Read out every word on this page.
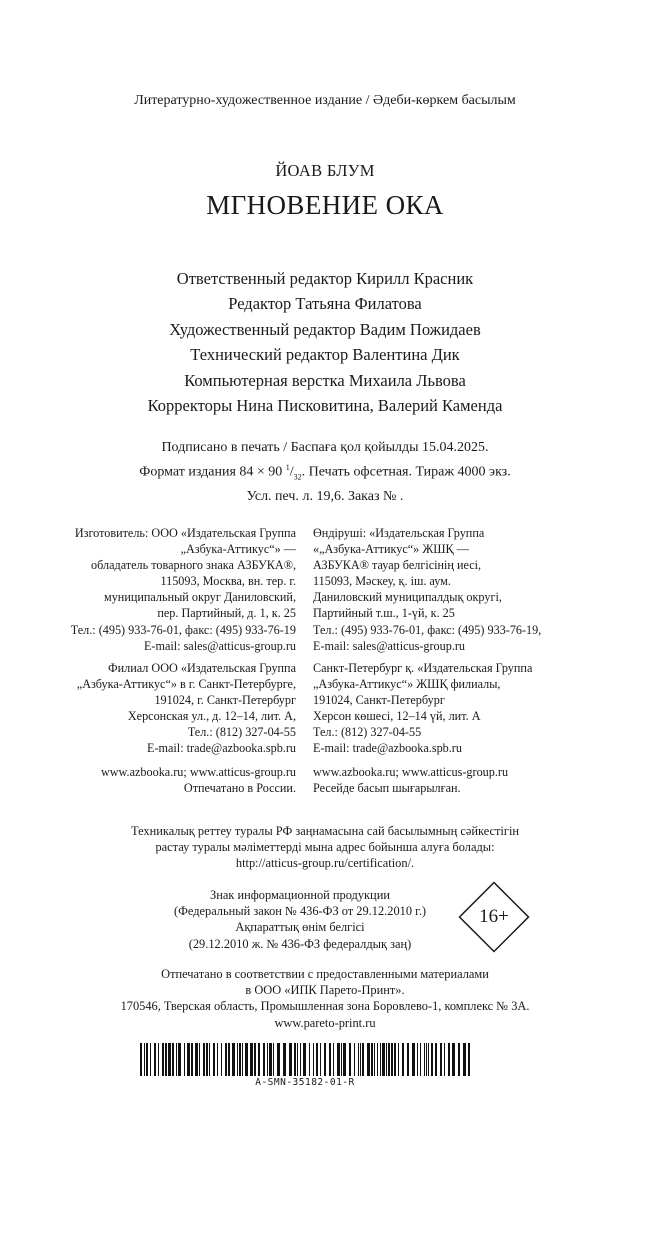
Литературно-художественное издание / Әдеби-көркем басылым
ЙОАВ БЛУМ
МГНОВЕНИЕ ОКА
Ответственный редактор Кирилл Красник
Редактор Татьяна Филатова
Художественный редактор Вадим Пожидаев
Технический редактор Валентина Дик
Компьютерная верстка Михаила Львова
Корректоры Нина Писковитина, Валерий Каменда
Подписано в печать / Баспаға қол қойылды 15.04.2025.
Формат издания 84 × 90 $^1/_{32}$. Печать офсетная. Тираж 4000 экз.
Усл. печ. л. 19,6. Заказ № .
Изготовитель: ООО «Издательская Группа
„Азбука-Аттикус“» —
обладатель товарного знака АЗБУКА®,
115093, Москва, вн. тер. г.
муниципальный округ Даниловский,
пер. Партийный, д. 1, к. 25
Тел.: (495) 933-76-01, факс: (495) 933-76-19
E-mail: sales@atticus-group.ru
Филиал ООО «Издательская Группа
„Азбука-Аттикус“» в г. Санкт-Петербурге,
191024, г. Санкт-Петербург
Херсонская ул., д. 12–14, лит. А,
Тел.: (812) 327-04-55
E-mail: trade@azbooka.spb.ru
www.azbooka.ru; www.atticus-group.ru
Отпечатано в России.
Өндіруші: «Издательская Группа
«„Азбука-Аттикус“» ЖШҚ —
АЗБУКА® тауар белгісінің иесі,
115093, Мәскеу, қ. іш. аум.
Даниловский муниципалдық округі,
Партийный т.ш., 1-үй, к. 25
Тел.: (495) 933-76-01, факс: (495) 933-76-19,
E-mail: sales@atticus-group.ru
Санкт-Петербург қ. «Издательская Группа
„Азбука-Аттикус“» ЖШҚ филиалы,
191024, Санкт-Петербург
Херсон көшесі, 12–14 үй, лит. А
Тел.: (812) 327-04-55
E-mail: trade@azbooka.spb.ru
www.azbooka.ru; www.atticus-group.ru
Ресейде басып шығарылған.
Техникалық реттеу туралы РФ заңнамасына сай басылымның сәйкестігін
растау туралы мәліметтерді мына адрес бойынша алуға болады:
http://atticus-group.ru/certification/.
Знак информационной продукции
(Федеральный закон № 436-ФЗ от 29.12.2010 г.)
Ақпараттық өнім белгісі
(29.12.2010 ж. № 436-ФЗ федералдық заң)
16+
Отпечатано в соответствии с предоставленными материалами
в ООО «ИПК Парето-Принт».
170546, Тверская область, Промышленная зона Боровлево-1, комплекс № 3А.
www.pareto-print.ru
A-SMN-35182-01-R
